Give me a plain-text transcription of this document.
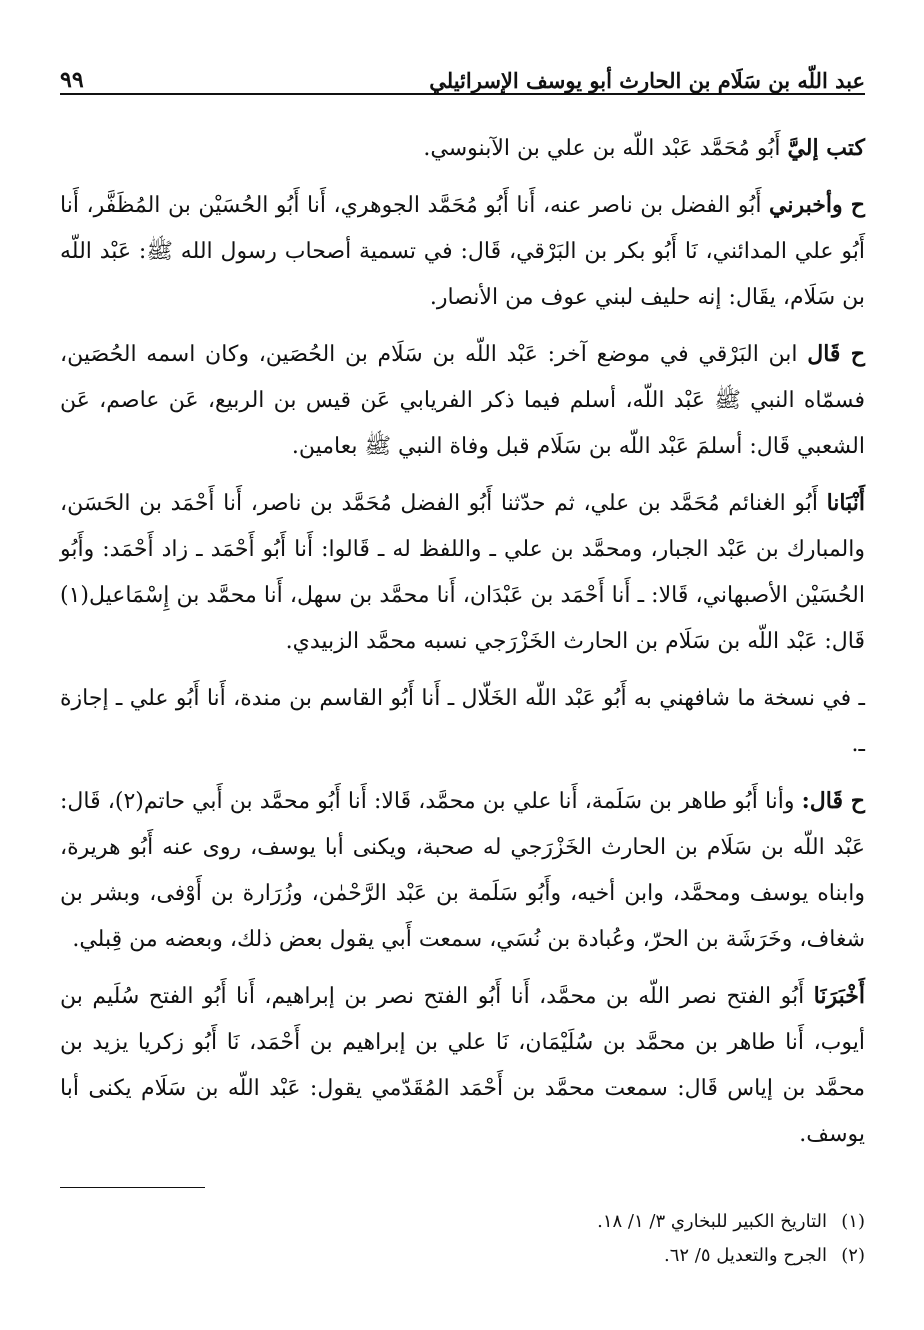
عبد اللّه بن سَلَام بن الحارث أبو يوسف الإسرائيلي
٩٩

كتب إليَّ أَبُو مُحَمَّد عَبْد اللّه بن علي بن الآبنوسي.

ح وأخبرني أَبُو الفضل بن ناصر عنه، أَنا أَبُو مُحَمَّد الجوهري، أَنا أَبُو الحُسَيْن بن المُظَفَّر، أَنا أَبُو علي المدائني، نَا أَبُو بكر بن البَرْقي، قَال: في تسمية أصحاب رسول الله ﷺ: عَبْد اللّه بن سَلَام، يقَال: إنه حليف لبني عوف من الأنصار.

ح قَال ابن البَرْقي في موضع آخر: عَبْد اللّه بن سَلَام بن الحُصَين، وكان اسمه الحُصَين، فسمّاه النبي ﷺ عَبْد اللّه، أسلم فيما ذكر الفريابي عَن قيس بن الربيع، عَن عاصم، عَن الشعبي قَال: أسلمَ عَبْد اللّه بن سَلَام قبل وفاة النبي ﷺ بعامين.

أَنْبَانا أَبُو الغنائم مُحَمَّد بن علي، ثم حدّثنا أَبُو الفضل مُحَمَّد بن ناصر، أَنا أَحْمَد بن الحَسَن، والمبارك بن عَبْد الجبار، ومحمَّد بن علي ـ واللفظ له ـ قَالوا: أَنا أَبُو أَحْمَد ـ زاد أَحْمَد: وأَبُو الحُسَيْن الأصبهاني، قَالا: ـ أَنا أَحْمَد بن عَبْدَان، أَنا محمَّد بن سهل، أَنا محمَّد بن إِسْمَاعيل(١) قَال: عَبْد اللّه بن سَلَام بن الحارث الخَزْرَجي نسبه محمَّد الزبيدي.

ـ في نسخة ما شافهني به أَبُو عَبْد اللّه الخَلّال ـ أَنا أَبُو القاسم بن مندة، أَنا أَبُو علي ـ إجازة ـ.

ح قَال: وأنا أَبُو طاهر بن سَلَمة، أَنا علي بن محمَّد، قَالا: أَنا أَبُو محمَّد بن أَبي حاتم(٢)، قَال: عَبْد اللّه بن سَلَام بن الحارث الخَزْرَجي له صحبة، ويكنى أبا يوسف، روى عنه أَبُو هريرة، وابناه يوسف ومحمَّد، وابن أخيه، وأَبُو سَلَمة بن عَبْد الرَّحْمٰن، وزُرَارة بن أَوْفى، وبشر بن شغاف، وخَرَشَة بن الحرّ، وعُبادة بن نُسَي، سمعت أَبي يقول بعض ذلك، وبعضه من قِبلي.

أَخْبَرَنَا أَبُو الفتح نصر اللّه بن محمَّد، أَنا أَبُو الفتح نصر بن إبراهيم، أَنا أَبُو الفتح سُلَيم بن أيوب، أَنا طاهر بن محمَّد بن سُلَيْمَان، نَا علي بن إبراهيم بن أَحْمَد، نَا أَبُو زكريا يزيد بن محمَّد بن إياس قَال: سمعت محمَّد بن أَحْمَد المُقَدّمي يقول: عَبْد اللّه بن سَلَام يكنى أبا يوسف.

(١)التاريخ الكبير للبخاري ٣/ ١/ ١٨.
(٢)الجرح والتعديل ٥/ ٦٢.
